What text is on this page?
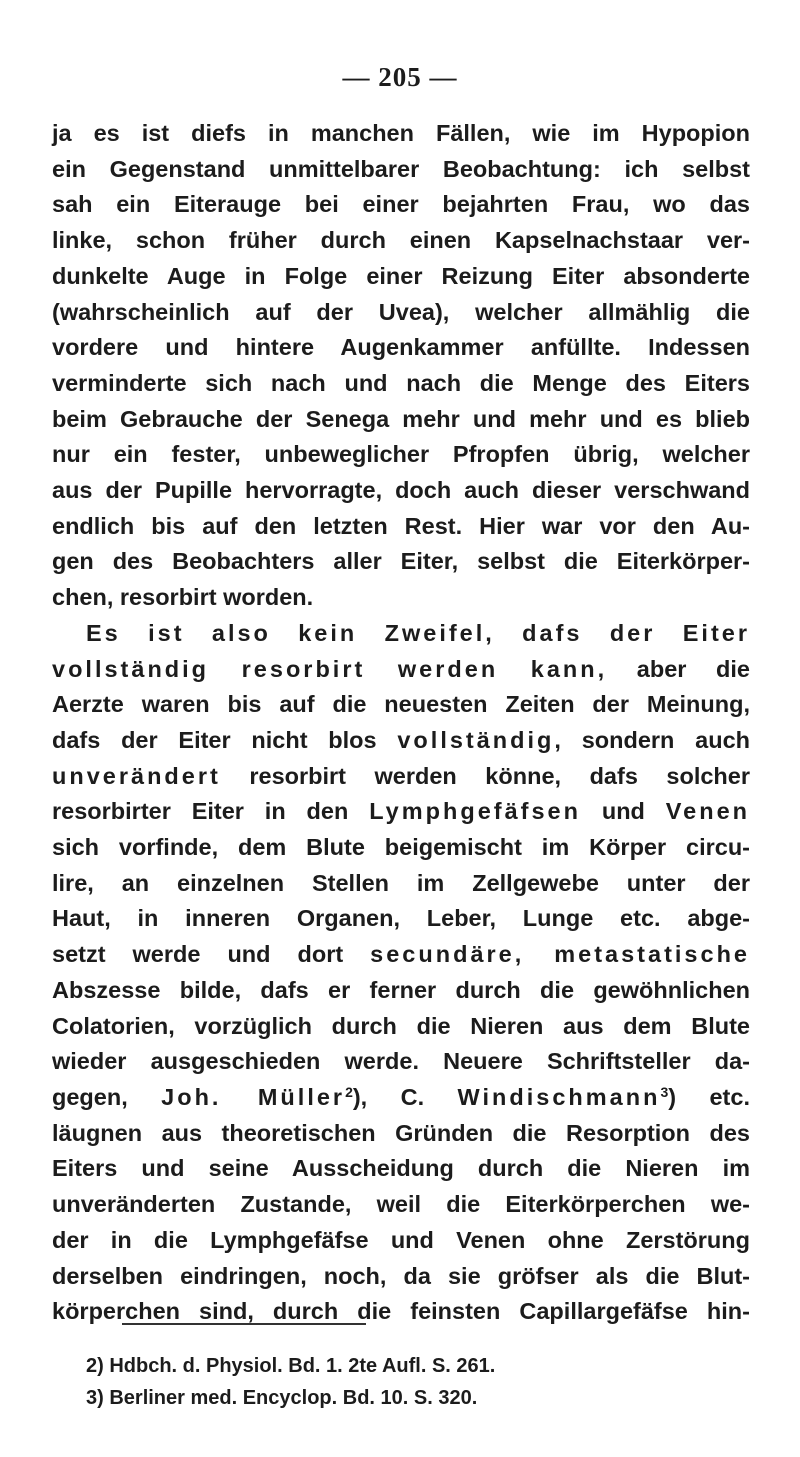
— 205 —
ja es ist diefs in manchen Fällen, wie im Hypopion
ein Gegenstand unmittelbarer Beobachtung: ich selbst
sah ein Eiterauge bei einer bejahrten Frau, wo das
linke, schon früher durch einen Kapselnachstaar ver-
dunkelte Auge in Folge einer Reizung Eiter absonderte
(wahrscheinlich auf der Uvea), welcher allmählig die
vordere und hintere Augenkammer anfüllte. Indessen
verminderte sich nach und nach die Menge des Eiters
beim Gebrauche der Senega mehr und mehr und es blieb
nur ein fester, unbeweglicher Pfropfen übrig, welcher
aus der Pupille hervorragte, doch auch dieser verschwand
endlich bis auf den letzten Rest. Hier war vor den Au-
gen des Beobachters aller Eiter, selbst die Eiterkörper-
chen, resorbirt worden.
Es ist also kein Zweifel, dafs der Eiter
vollständig resorbirt werden kann, aber die
Aerzte waren bis auf die neuesten Zeiten der Meinung,
dafs der Eiter nicht blos vollständig, sondern auch
unverändert resorbirt werden könne, dafs solcher
resorbirter Eiter in den Lymphgefäfsen und Venen
sich vorfinde, dem Blute beigemischt im Körper circu-
lire, an einzelnen Stellen im Zellgewebe unter der
Haut, in inneren Organen, Leber, Lunge etc. abge-
setzt werde und dort secundäre, metastatische
Abszesse bilde, dafs er ferner durch die gewöhnlichen
Colatorien, vorzüglich durch die Nieren aus dem Blute
wieder ausgeschieden werde. Neuere Schriftsteller da-
gegen, Joh. Müller$^2$), C. Windischmann$^3$) etc.
läugnen aus theoretischen Gründen die Resorption des
Eiters und seine Ausscheidung durch die Nieren im
unveränderten Zustande, weil die Eiterkörperchen we-
der in die Lymphgefäfse und Venen ohne Zerstörung
derselben eindringen, noch, da sie gröfser als die Blut-
körperchen sind, durch die feinsten Capillargefäfse hin-
2) Hdbch. d. Physiol. Bd. 1. 2te Aufl. S. 261.
3) Berliner med. Encyclop. Bd. 10. S. 320.
